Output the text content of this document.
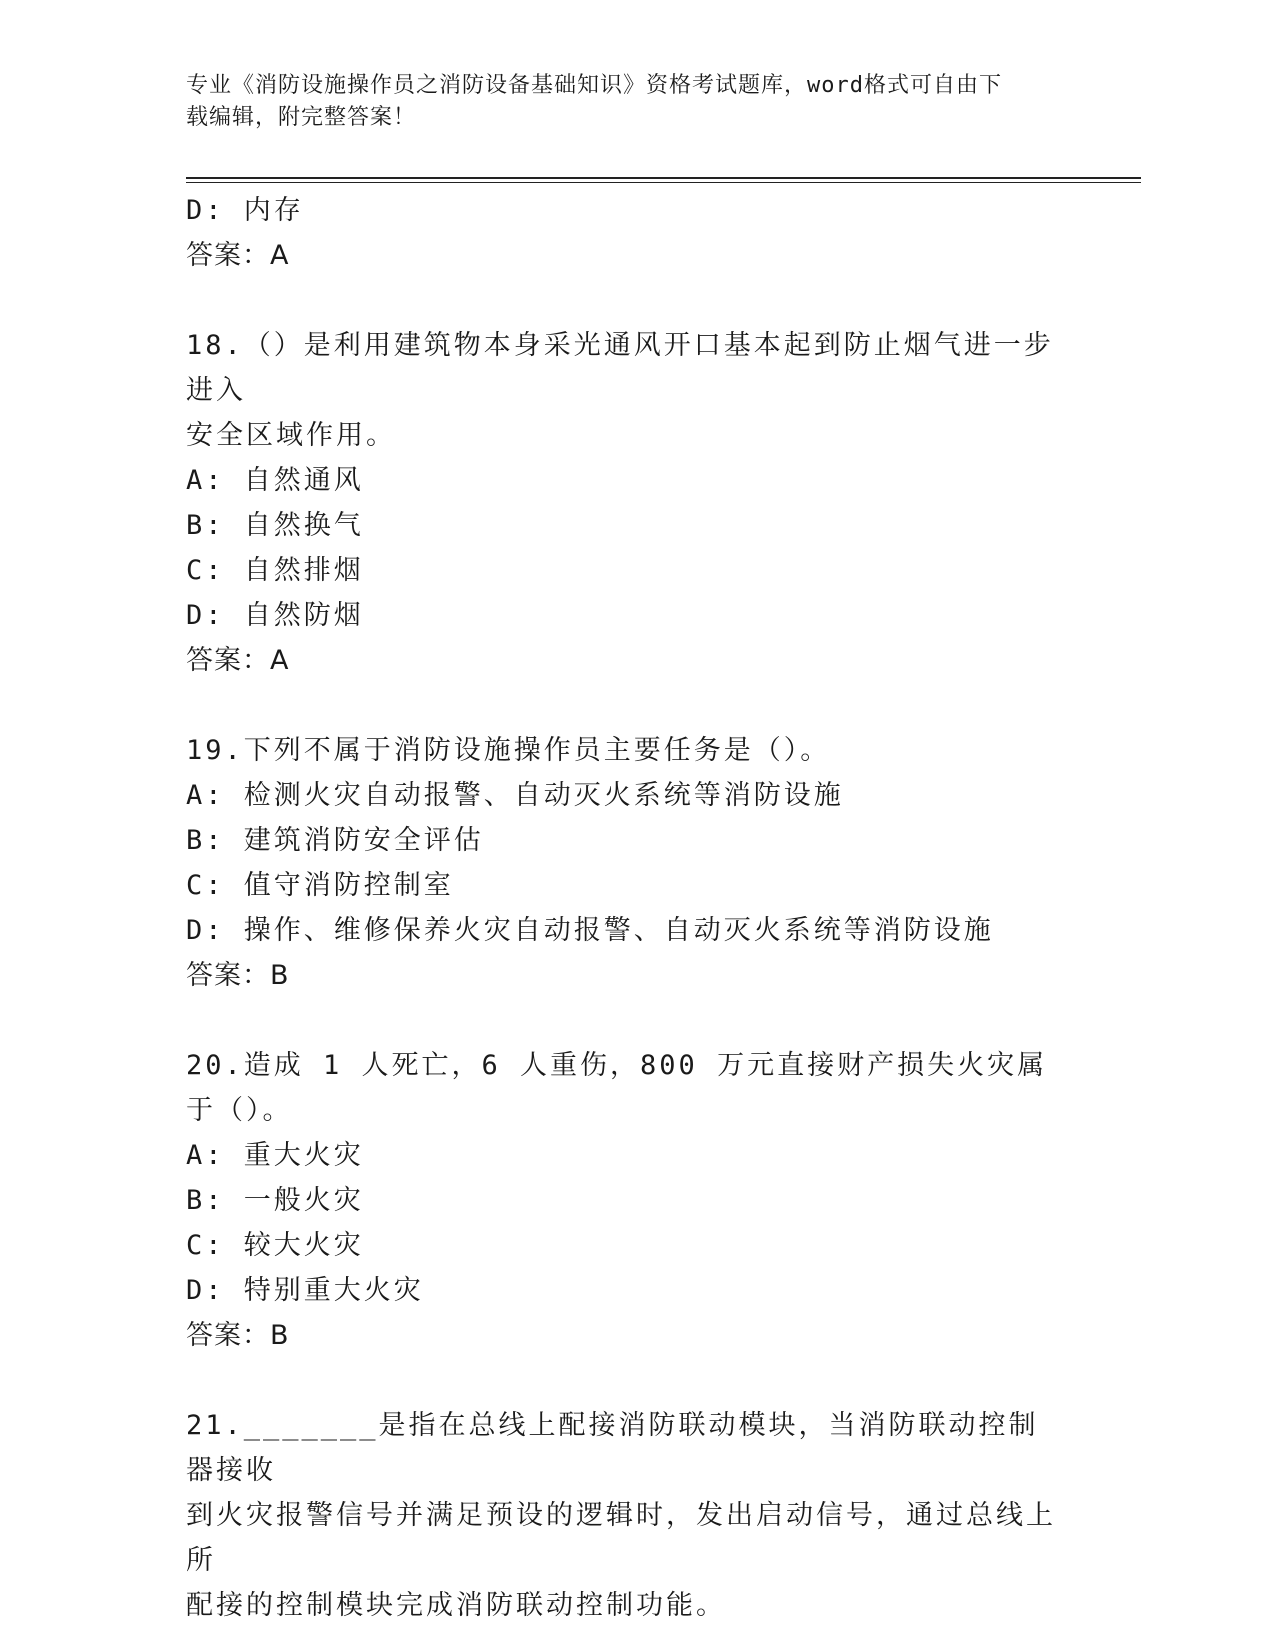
专业《消防设施操作员之消防设备基础知识》资格考试题库，word格式可自由下
载编辑，附完整答案！
D: 内存
答案：A
18.（）是利用建筑物本身采光通风开口基本起到防止烟气进一步进入
安全区域作用。
A: 自然通风
B: 自然换气
C: 自然排烟
D: 自然防烟
答案：A
19.下列不属于消防设施操作员主要任务是（）。
A: 检测火灾自动报警、自动灭火系统等消防设施
B: 建筑消防安全评估
C: 值守消防控制室
D: 操作、维修保养火灾自动报警、自动灭火系统等消防设施
答案：B
20.造成 1 人死亡，6 人重伤，800 万元直接财产损失火灾属于（）。
A: 重大火灾
B: 一般火灾
C: 较大火灾
D: 特别重大火灾
答案：B
21._______是指在总线上配接消防联动模块，当消防联动控制器接收
到火灾报警信号并满足预设的逻辑时，发出启动信号，通过总线上所
配接的控制模块完成消防联动控制功能。
